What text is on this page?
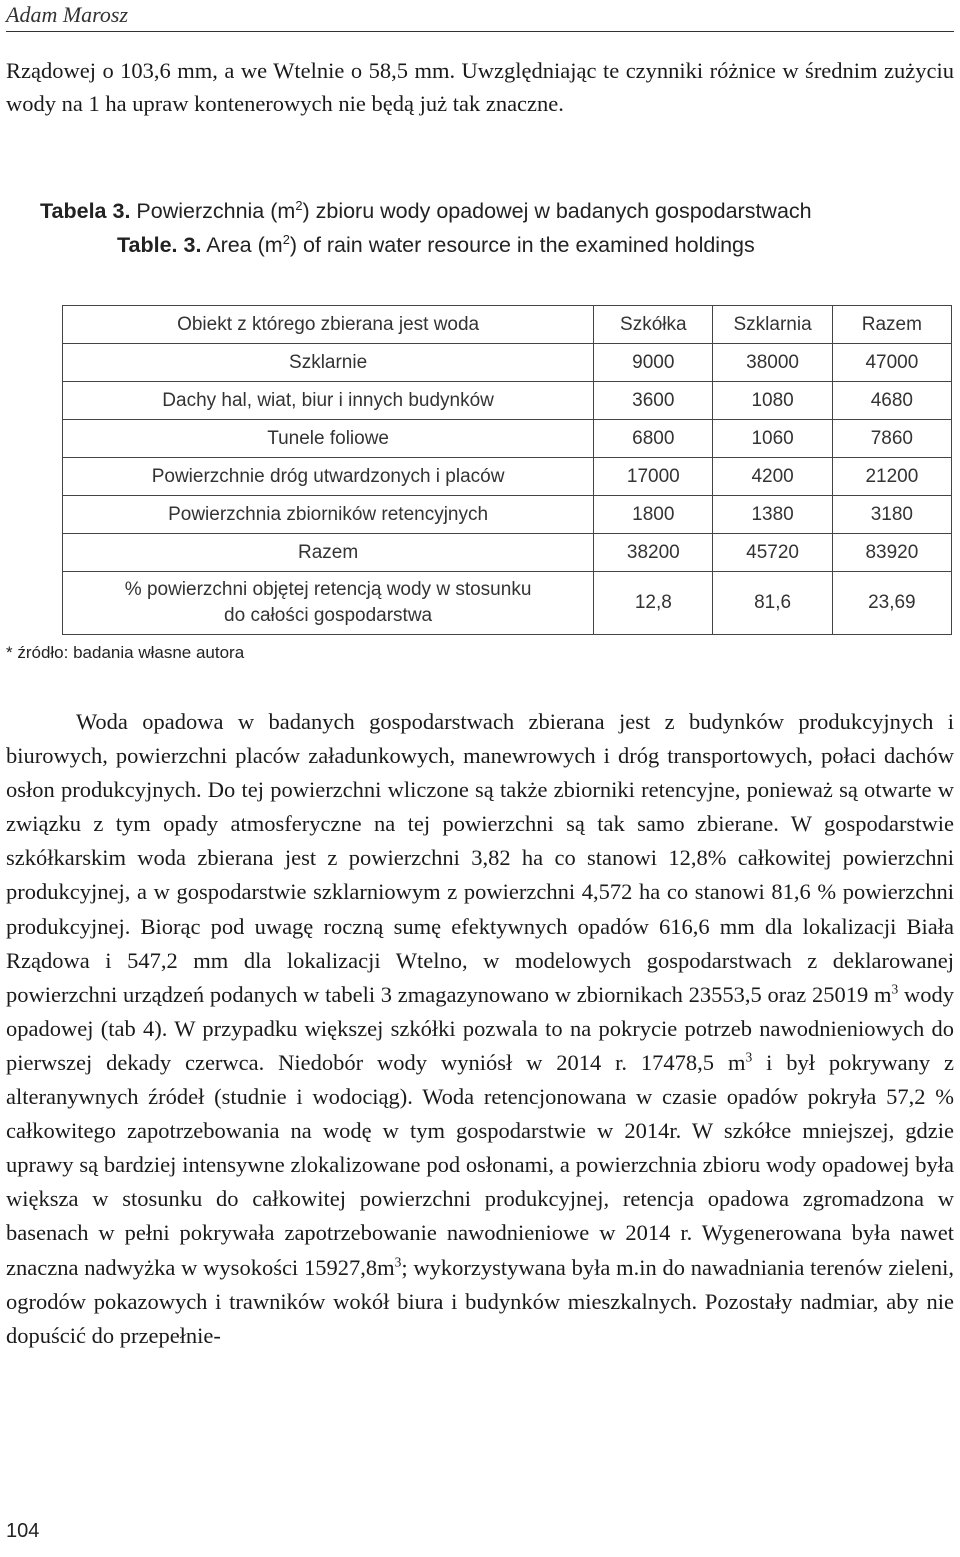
Adam Marosz
Rządowej o 103,6 mm, a we Wtelnie o 58,5 mm. Uwzględniając te czynniki różnice w średnim zużyciu wody na 1 ha upraw kontenerowych nie będą już tak znaczne.
Tabela 3. Powierzchnia $(m^2)$ zbioru wody opadowej w badanych gospodarstwach
Table. 3. Area $(m^2)$ of rain water resource in the examined holdings
Obiekt z którego zbierana jest woda	Szkółka	Szklarnia	Razem
Szklarnie	9000	38000	47000
Dachy hal, wiat, biur i innych budynków	3600	1080	4680
Tunele foliowe	6800	1060	7860
Powierzchnie dróg utwardzonych i placów	17000	4200	21200
Powierzchnia zbiorników retencyjnych	1800	1380	3180
Razem	38200	45720	83920
% powierzchni objętej retencją wody w stosunku
do całości gospodarstwa	12,8	81,6	23,69
* źródło: badania własne autora
Woda opadowa w badanych gospodarstwach zbierana jest z budynków produkcyjnych i biurowych, powierzchni placów załadunkowych, manewrowych i dróg transportowych, połaci dachów osłon produkcyjnych. Do tej powierzchni wliczone są także zbiorniki retencyjne, ponieważ są otwarte w związku z tym opady atmosferyczne na tej powierzchni są tak samo zbierane. W gospodarstwie szkółkarskim woda zbierana jest z powierzchni 3,82 ha co stanowi 12,8% całkowitej powierzchni produkcyjnej, a w gospodarstwie szklarniowym z powierzchni 4,572 ha co stanowi 81,6 % powierzchni produkcyjnej. Biorąc pod uwagę roczną sumę efektywnych opadów 616,6 mm dla lokalizacji Biała Rządowa i 547,2 mm dla lokalizacji Wtelno, w modelowych gospodarstwach z deklarowanej powierzchni urządzeń podanych w tabeli 3 zmagazynowano w zbiornikach 23553,5 oraz 25019 $m^3$ wody opadowej (tab 4). W przypadku większej szkółki pozwala to na pokrycie potrzeb nawodnieniowych do pierwszej dekady czerwca. Niedobór wody wyniósł w 2014 r. 17478,5 $m^3$ i był pokrywany z alteranywnych źródeł (studnie i wodociąg). Woda retencjonowana w czasie opadów pokryła 57,2 % całkowitego zapotrzebowania na wodę w tym gospodarstwie w 2014r. W szkółce mniejszej, gdzie uprawy są bardziej intensywne zlokalizowane pod osłonami, a powierzchnia zbioru wody opadowej była większa w stosunku do całkowitej powierzchni produkcyjnej, retencja opadowa zgromadzona w basenach w pełni pokrywała zapotrzebowanie nawodnieniowe w 2014 r. Wygenerowana była nawet znaczna nadwyżka w wysokości $15927,8m^3$; wykorzystywana była m.in do nawadniania terenów zieleni, ogrodów pokazowych i trawników wokół biura i budynków mieszkalnych. Pozostały nadmiar, aby nie dopuścić do przepełnie-
104
